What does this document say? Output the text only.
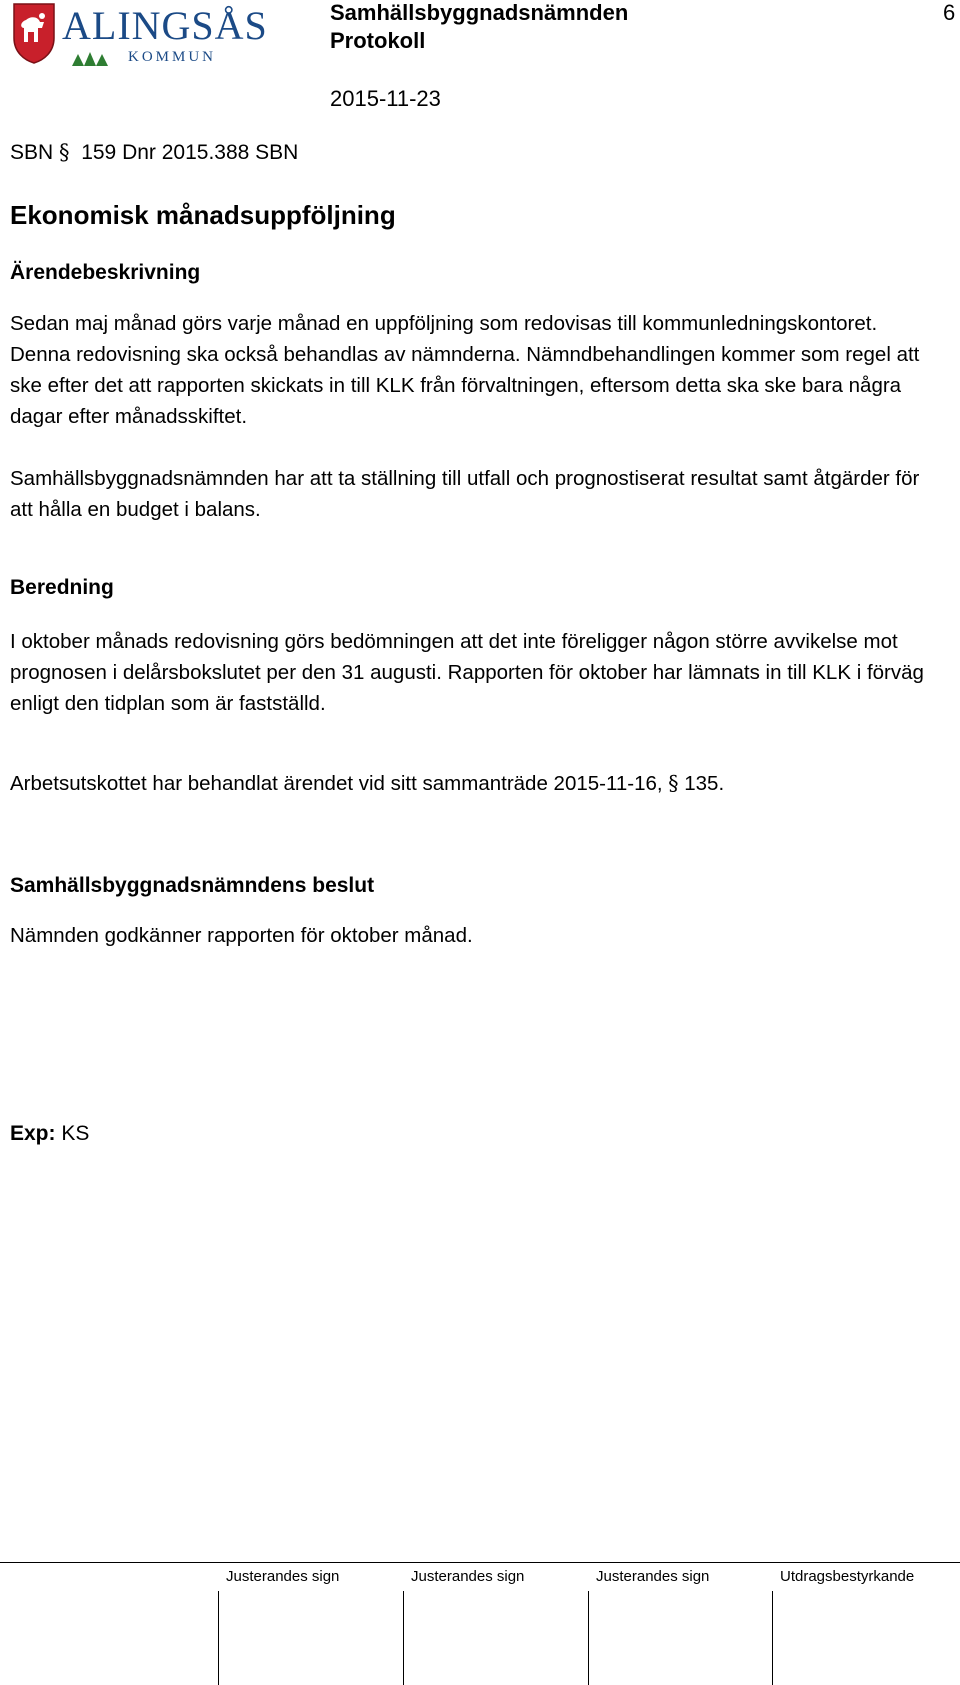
ALINGSÅS
KOMMUN
Samhällsbyggnadsnämnden
Protokoll
2015-11-23
6
SBN § 159 Dnr 2015.388 SBN
Ekonomisk månadsuppföljning
Ärendebeskrivning
Sedan maj månad görs varje månad en uppföljning som redovisas till kommunledningskontoret. Denna redovisning ska också behandlas av nämnderna. Nämndbehandlingen kommer som regel att ske efter det att rapporten skickats in till KLK från förvaltningen, eftersom detta ska ske bara några dagar efter månadsskiftet.
Samhällsbyggnadsnämnden har att ta ställning till utfall och prognostiserat resultat samt åtgärder för att hålla en budget i balans.
Beredning
I oktober månads redovisning görs bedömningen att det inte föreligger någon större avvikelse mot prognosen i delårsbokslutet per den 31 augusti. Rapporten för oktober har lämnats in till KLK i förväg enligt den tidplan som är fastställd.
Arbetsutskottet har behandlat ärendet vid sitt sammanträde 2015-11-16, § 135.
Samhällsbyggnadsnämndens beslut
Nämnden godkänner rapporten för oktober månad.
Exp: KS
Justerandes sign	Justerandes sign	Justerandes sign	Utdragsbestyrkande
